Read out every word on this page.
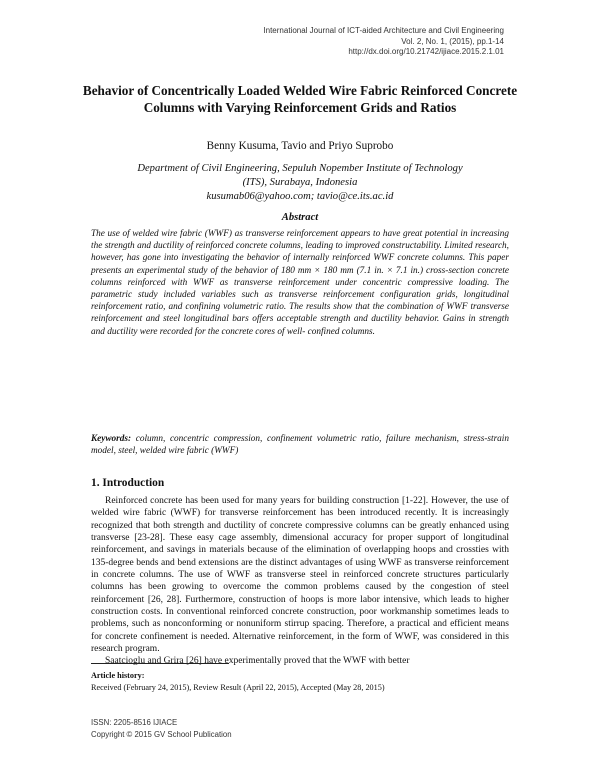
International Journal of ICT-aided Architecture and Civil Engineering
Vol. 2, No. 1, (2015), pp.1-14
http://dx.doi.org/10.21742/ijiace.2015.2.1.01
Behavior of Concentrically Loaded Welded Wire Fabric Reinforced Concrete Columns with Varying Reinforcement Grids and Ratios
Benny Kusuma, Tavio and Priyo Suprobo
Department of Civil Engineering, Sepuluh Nopember Institute of Technology
(ITS), Surabaya, Indonesia
kusumab06@yahoo.com; tavio@ce.its.ac.id
Abstract

The use of welded wire fabric (WWF) as transverse reinforcement appears to have great potential in increasing the strength and ductility of reinforced concrete columns, leading to improved constructability. Limited research, however, has gone into investigating the behavior of internally reinforced WWF concrete columns. This paper presents an experimental study of the behavior of 180 mm × 180 mm (7.1 in. × 7.1 in.) cross-section concrete columns reinforced with WWF as transverse reinforcement under concentric compressive loading. The parametric study included variables such as transverse reinforcement configuration grids, longitudinal reinforcement ratio, and confining volumetric ratio. The results show that the combination of WWF transverse reinforcement and steel longitudinal bars offers acceptable strength and ductility behavior. Gains in strength and ductility were recorded for the concrete cores of well- confined columns.

Keywords: column, concentric compression, confinement volumetric ratio, failure mechanism, stress-strain model, steel, welded wire fabric (WWF)

1. Introduction

Reinforced concrete has been used for many years for building construction [1-22]. However, the use of welded wire fabric (WWF) for transverse reinforcement has been introduced recently. It is increasingly recognized that both strength and ductility of concrete compressive columns can be greatly enhanced using transverse [23-28]. These easy cage assembly, dimensional accuracy for proper support of longitudinal reinforcement, and savings in materials because of the elimination of overlapping hoops and crossties with 135-degree bends and bend extensions are the distinct advantages of using WWF as transverse reinforcement in concrete columns. The use of WWF as transverse steel in reinforced concrete structures particularly columns has been growing to overcome the common problems caused by the congestion of steel reinforcement [26, 28]. Furthermore, construction of hoops is more labor intensive, which leads to higher construction costs. In conventional reinforced concrete construction, poor workmanship sometimes leads to problems, such as nonconforming or nonuniform stirrup spacing. Therefore, a practical and efficient means for concrete confinement is needed. Alternative reinforcement, in the form of WWF, was considered in this research program.

Saatcioglu and Grira [26] have experimentally proved that the WWF with better

Article history:
Received (February 24, 2015), Review Result (April 22, 2015), Accepted (May 28, 2015)
ISSN: 2205-8516 IJIACE
Copyright © 2015 GV School Publication
